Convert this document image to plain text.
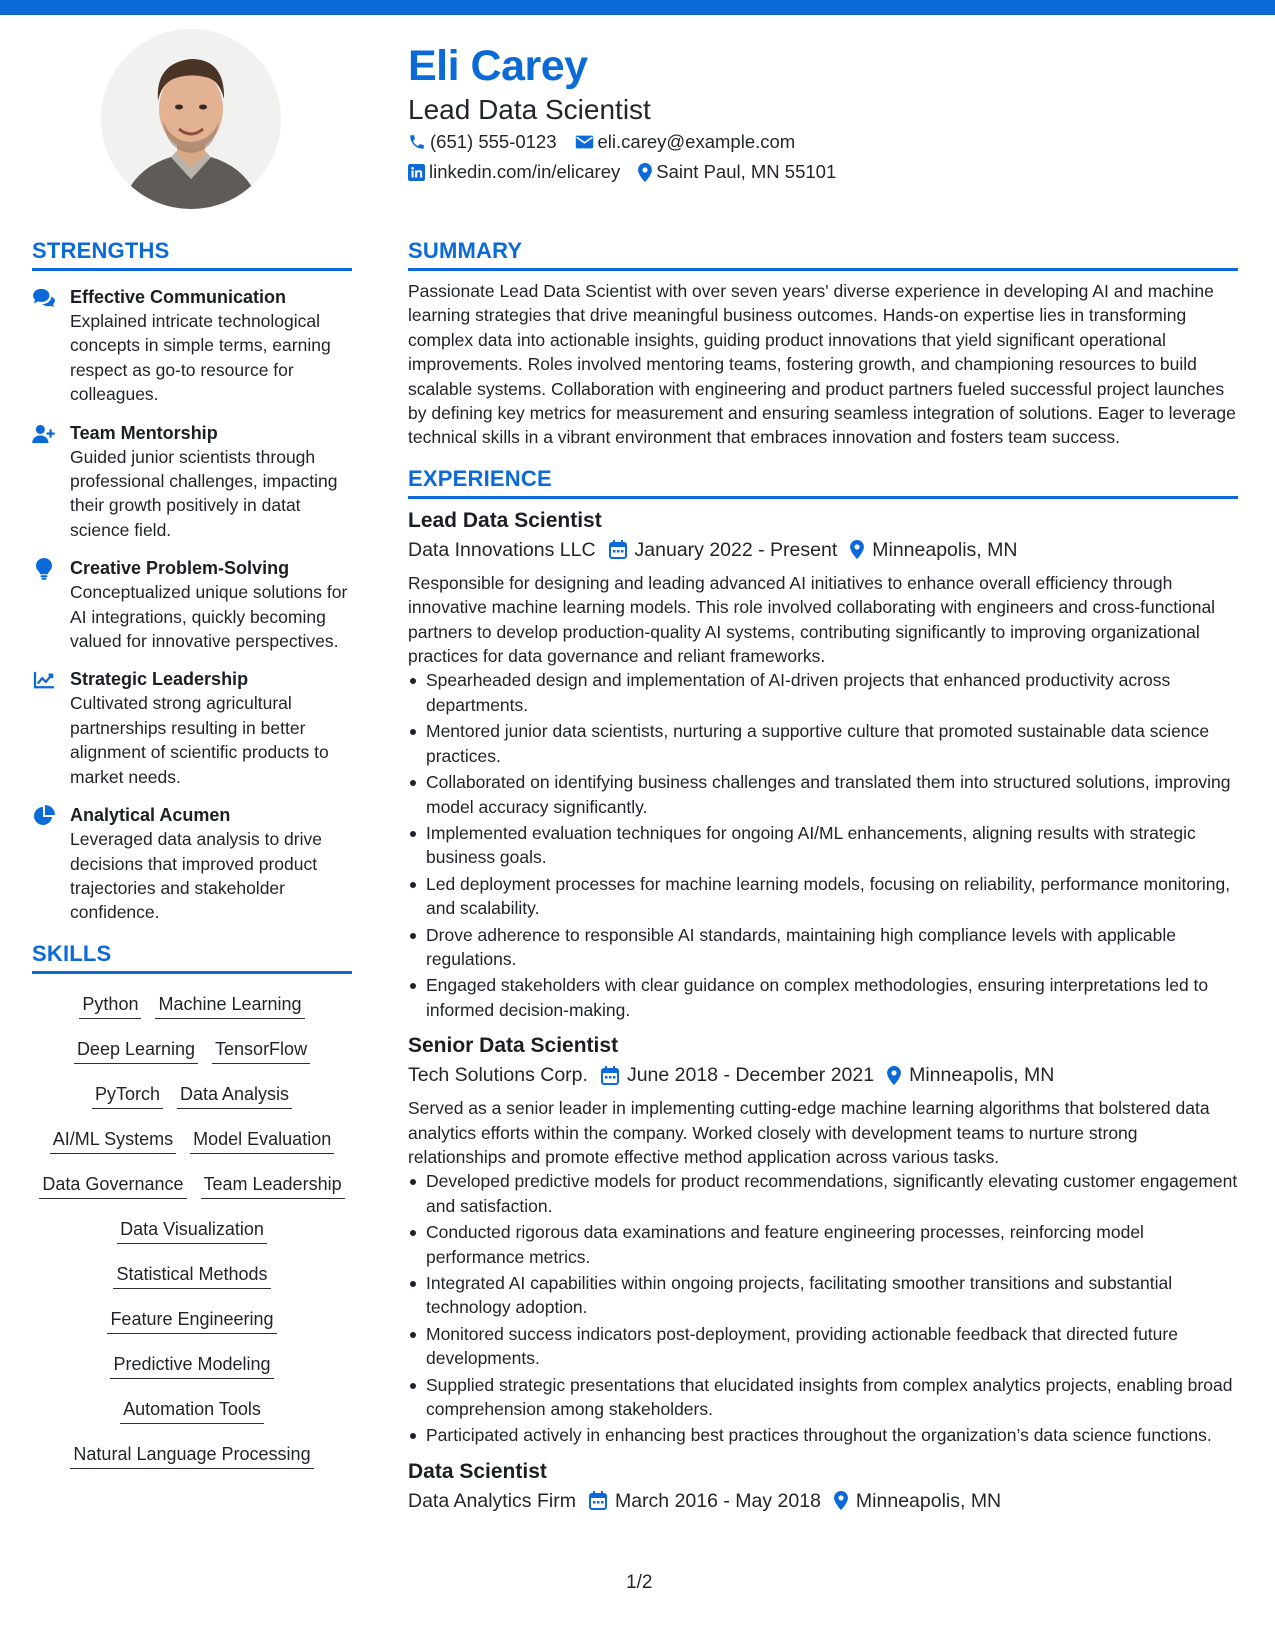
Eli Carey
Lead Data Scientist
(651) 555-0123 eli.carey@example.com
linkedin.com/in/elicarey Saint Paul, MN 55101
STRENGTHS
Effective Communication
Explained intricate technological concepts in simple terms, earning respect as go-to resource for colleagues.
Team Mentorship
Guided junior scientists through professional challenges, impacting their growth positively in datat science field.
Creative Problem-Solving
Conceptualized unique solutions for AI integrations, quickly becoming valued for innovative perspectives.
Strategic Leadership
Cultivated strong agricultural partnerships resulting in better alignment of scientific products to market needs.
Analytical Acumen
Leveraged data analysis to drive decisions that improved product trajectories and stakeholder confidence.
SKILLS
Python Machine Learning
Deep Learning TensorFlow
PyTorch Data Analysis
AI/ML Systems Model Evaluation
Data Governance Team Leadership
Data Visualization
Statistical Methods
Feature Engineering
Predictive Modeling
Automation Tools
Natural Language Processing
SUMMARY
Passionate Lead Data Scientist with over seven years' diverse experience in developing AI and machine learning strategies that drive meaningful business outcomes. Hands-on expertise lies in transforming complex data into actionable insights, guiding product innovations that yield significant operational improvements. Roles involved mentoring teams, fostering growth, and championing resources to build scalable systems. Collaboration with engineering and product partners fueled successful project launches by defining key metrics for measurement and ensuring seamless integration of solutions. Eager to leverage technical skills in a vibrant environment that embraces innovation and fosters team success.
EXPERIENCE
Lead Data Scientist
Data Innovations LLC January 2022 - Present Minneapolis, MN
Responsible for designing and leading advanced AI initiatives to enhance overall efficiency through innovative machine learning models. This role involved collaborating with engineers and cross-functional partners to develop production-quality AI systems, contributing significantly to improving organizational practices for data governance and reliant frameworks.
Spearheaded design and implementation of AI-driven projects that enhanced productivity across departments.
Mentored junior data scientists, nurturing a supportive culture that promoted sustainable data science practices.
Collaborated on identifying business challenges and translated them into structured solutions, improving model accuracy significantly.
Implemented evaluation techniques for ongoing AI/ML enhancements, aligning results with strategic business goals.
Led deployment processes for machine learning models, focusing on reliability, performance monitoring, and scalability.
Drove adherence to responsible AI standards, maintaining high compliance levels with applicable regulations.
Engaged stakeholders with clear guidance on complex methodologies, ensuring interpretations led to informed decision-making.
Senior Data Scientist
Tech Solutions Corp. June 2018 - December 2021 Minneapolis, MN
Served as a senior leader in implementing cutting-edge machine learning algorithms that bolstered data analytics efforts within the company. Worked closely with development teams to nurture strong relationships and promote effective method application across various tasks.
Developed predictive models for product recommendations, significantly elevating customer engagement and satisfaction.
Conducted rigorous data examinations and feature engineering processes, reinforcing model performance metrics.
Integrated AI capabilities within ongoing projects, facilitating smoother transitions and substantial technology adoption.
Monitored success indicators post-deployment, providing actionable feedback that directed future developments.
Supplied strategic presentations that elucidated insights from complex analytics projects, enabling broad comprehension among stakeholders.
Participated actively in enhancing best practices throughout the organization’s data science functions.
Data Scientist
Data Analytics Firm March 2016 - May 2018 Minneapolis, MN
1/2
